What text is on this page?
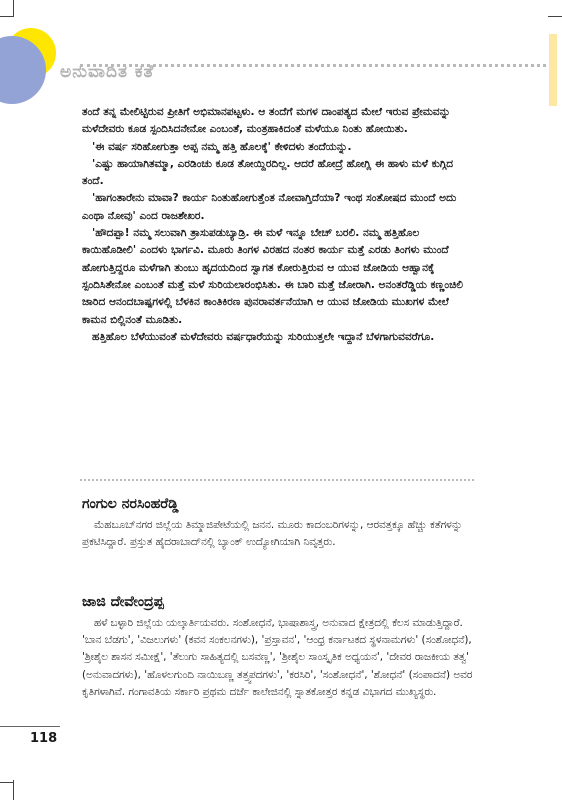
ಅನುವಾದಿತ ಕತೆ

ತಂದೆ ತನ್ನ ಮೇಲಿಟ್ಟಿರುವ ಪ್ರೀತಿಗೆ ಅಭಿಮಾನಪಟ್ಟಳು. ಆ ತಂದೆಗೆ ಮಗಳ ದಾಂಪತ್ಯದ ಮೇಲೆ ಇರುವ ಪ್ರೇಮವನ್ನು ಮಳೆದೇವರು ಕೂಡ ಸ್ಪಂದಿಸಿದನೇನೋ ಎಂಬಂತೆ, ಮಂತ್ರಹಾಕಿದಂತೆ ಮಳೆಯೂ ನಿಂತು ಹೋಯಿತು.

'ಈ ವರ್ಷ ಸರಿಹೋಗುತ್ತಾ ಅಪ್ಪ ನಮ್ಮ ಹತ್ತಿ ಹೊಲಕ್ಕೆ' ಕೇಳಿದಳು ತಂದೆಯನ್ನು.

'ಎಷ್ಟು ಹಾಯಾಗಿತಮ್ಮಾ, ಎರಡಿಂಚು ಕೂಡ ತೋಯ್ದಿರದಿಲ್ಲ. ಆದರೆ ಹೋದ್ರೆ ಹೋಗ್ಲಿ ಈ ಹಾಳು ಮಳೆ ಕುಗ್ಗಿದ ತಂದೆ.

'ಹಾಗಂತಾರೇನು ಮಾವಾ? ಕಾರ್ಯ ನಿಂತುಹೋಗುತ್ತೆಂತ ನೋವಾಗ್ತಿದೆಯಾ? ಇಂಥ ಸಂತೋಷದ ಮುಂದೆ ಅದು ಎಂಥಾ ನೋವು' ಎಂದ ರಾಜಶೇಖರ.

'ಹೌದಪ್ಪಾ! ನಮ್ಮ ಸಲುವಾಗಿ ತ್ರಾಸುಪಡುಬ್ಯಾಡ್ರಿ. ಈ ಮಳೆ ಇನ್ನೂ ಬೇಚ್ ಬರಲಿ. ನಮ್ಮ ಹತ್ತಿಹೊಲ ಕಾಯಿಹೊಡೀಲಿ' ಎಂದಳು ಭಾರ್ಗವಿ. ಮೂರು ತಿಂಗಳ ವಿರಹದ ನಂತರ ಕಾರ್ಯ ಮತ್ತೆ ಎರಡು ತಿಂಗಳು ಮುಂದೆ ಹೋಗುತ್ತಿದ್ದರೂ ಮಳೆಗಾಗಿ ತುಂಬು ಹೃದಯದಿಂದ ಸ್ವಾಗತ ಕೋರುತ್ತಿರುವ ಆ ಯುವ ಜೋಡಿಯ ಆಹ್ವಾನಕ್ಕೆ ಸ್ಪಂದಿಸಿತೇನೋ ಎಂಬಂತೆ ಮತ್ತೆ ಮಳೆ ಸುರಿಯಲಾರಂಭಿಸಿತು. ಈ ಬಾರಿ ಮತ್ತೆ ಜೋರಾಗಿ. ಅನಂತರೆಡ್ಡಿಯ ಕಣ್ಣಂಚಿಲಿ ಜಾರಿದ ಆನಂದಬಾಷ್ಪಗಳಲ್ಲಿ ಬೆಳಕಿನ ಕಾಂತಿಕಿರಣ ಪುನರಾವರ್ತನೆಯಾಗಿ ಆ ಯುವ ಜೋಡಿಯ ಮುಖಗಳ ಮೇಲೆ ಕಾಮನ ಬಿಲ್ಲಿನಂತೆ ಮೂಡಿತು.

ಹತ್ತಿಹೊಲ ಬೆಳೆಯುವಂತೆ ಮಳೆದೇವರು ವರ್ಷಧಾರೆಯನ್ನು ಸುರಿಯುತ್ತಲೇ ಇದ್ದಾನೆ ಬೆಳಗಾಗುವವರೆಗೂ.

ಗಂಗುಲ ನರಸಿಂಹರೆಡ್ಡಿ

ಮೆಹಬೂಬ್‌ನಗರ ಜಿಲ್ಲೆಯ ತಿಮ್ಮಾಜಿಪೇಟೆಯಲ್ಲಿ ಜನನ. ಮೂರು ಕಾದಂಬರಿಗಳನ್ನು, ಆರವತ್ತಕ್ಕೂ ಹೆಚ್ಚು ಕತೆಗಳನ್ನು ಪ್ರಕಟಿಸಿದ್ದಾರೆ. ಪ್ರಸ್ತುತ ಹೈದರಾಬಾದ್‌ನಲ್ಲಿ ಬ್ಯಾಂಕ್ ಉದ್ಯೋಗಿಯಾಗಿ ನಿವೃತ್ತರು.

ಜಾಜಿ ದೇವೇಂದ್ರಪ್ಪ

ಹಳೆ ಬಳ್ಳಾರಿ ಜಿಲ್ಲೆಯ ಯಲ್ಕಾರ್ತಿಯವರು. ಸಂಶೋಧನೆ, ಭಾಷಾಶಾಸ್ತ್ರ, ಅನುವಾದ ಕ್ಷೇತ್ರದಲ್ಲಿ ಕೆಲಸ ಮಾಡುತ್ತಿದ್ದಾರೆ. 'ಬಾನ ಬೆಡಗು', 'ವಿಜಲುಗಳು' (ಕವನ ಸಂಕಲನಗಳು), 'ಪ್ರಸ್ತಾವನ', 'ಆಂಧ್ರ ಕರ್ನಾಟಕದ ಸ್ಥಳನಾಮಗಳು' (ಸಂಶೋಧನೆ), 'ಶ್ರೀಶೈಲ ಶಾಸನ ಸಮೀಕ್ಷೆ', 'ತೆಲುಗು ಸಾಹಿತ್ಯದಲ್ಲಿ ಬಸವಣ್ಣ', 'ಶ್ರೀಶೈಲ ಸಾಂಸ್ಕೃತಿಕ ಅಧ್ಯಯನ', 'ದೇವರ ರಾಜಕೀಯ ತತ್ವ' (ಅನುವಾದಗಳು), 'ಹೊಳಲಗುಂದಿ ನಾಯಿಬಣ್ಣ ತತ್ತ್ವಪದಗಳು', 'ಕರಸಿರಿ', 'ಸಂಶೋಧನೆ', 'ಶೋಧನೆ' (ಸಂಪಾದನೆ) ಅವರ ಕೃತಿಗಳಾಗಿವೆ. ಗಂಗಾವತಿಯ ಸರ್ಕಾರಿ ಪ್ರಥಮ ದರ್ಜೆ ಕಾಲೇಜಿನಲ್ಲಿ ಸ್ನಾತಕೋತ್ತರ ಕನ್ನಡ ವಿಭಾಗದ ಮುಖ್ಯಸ್ಥರು.

118
